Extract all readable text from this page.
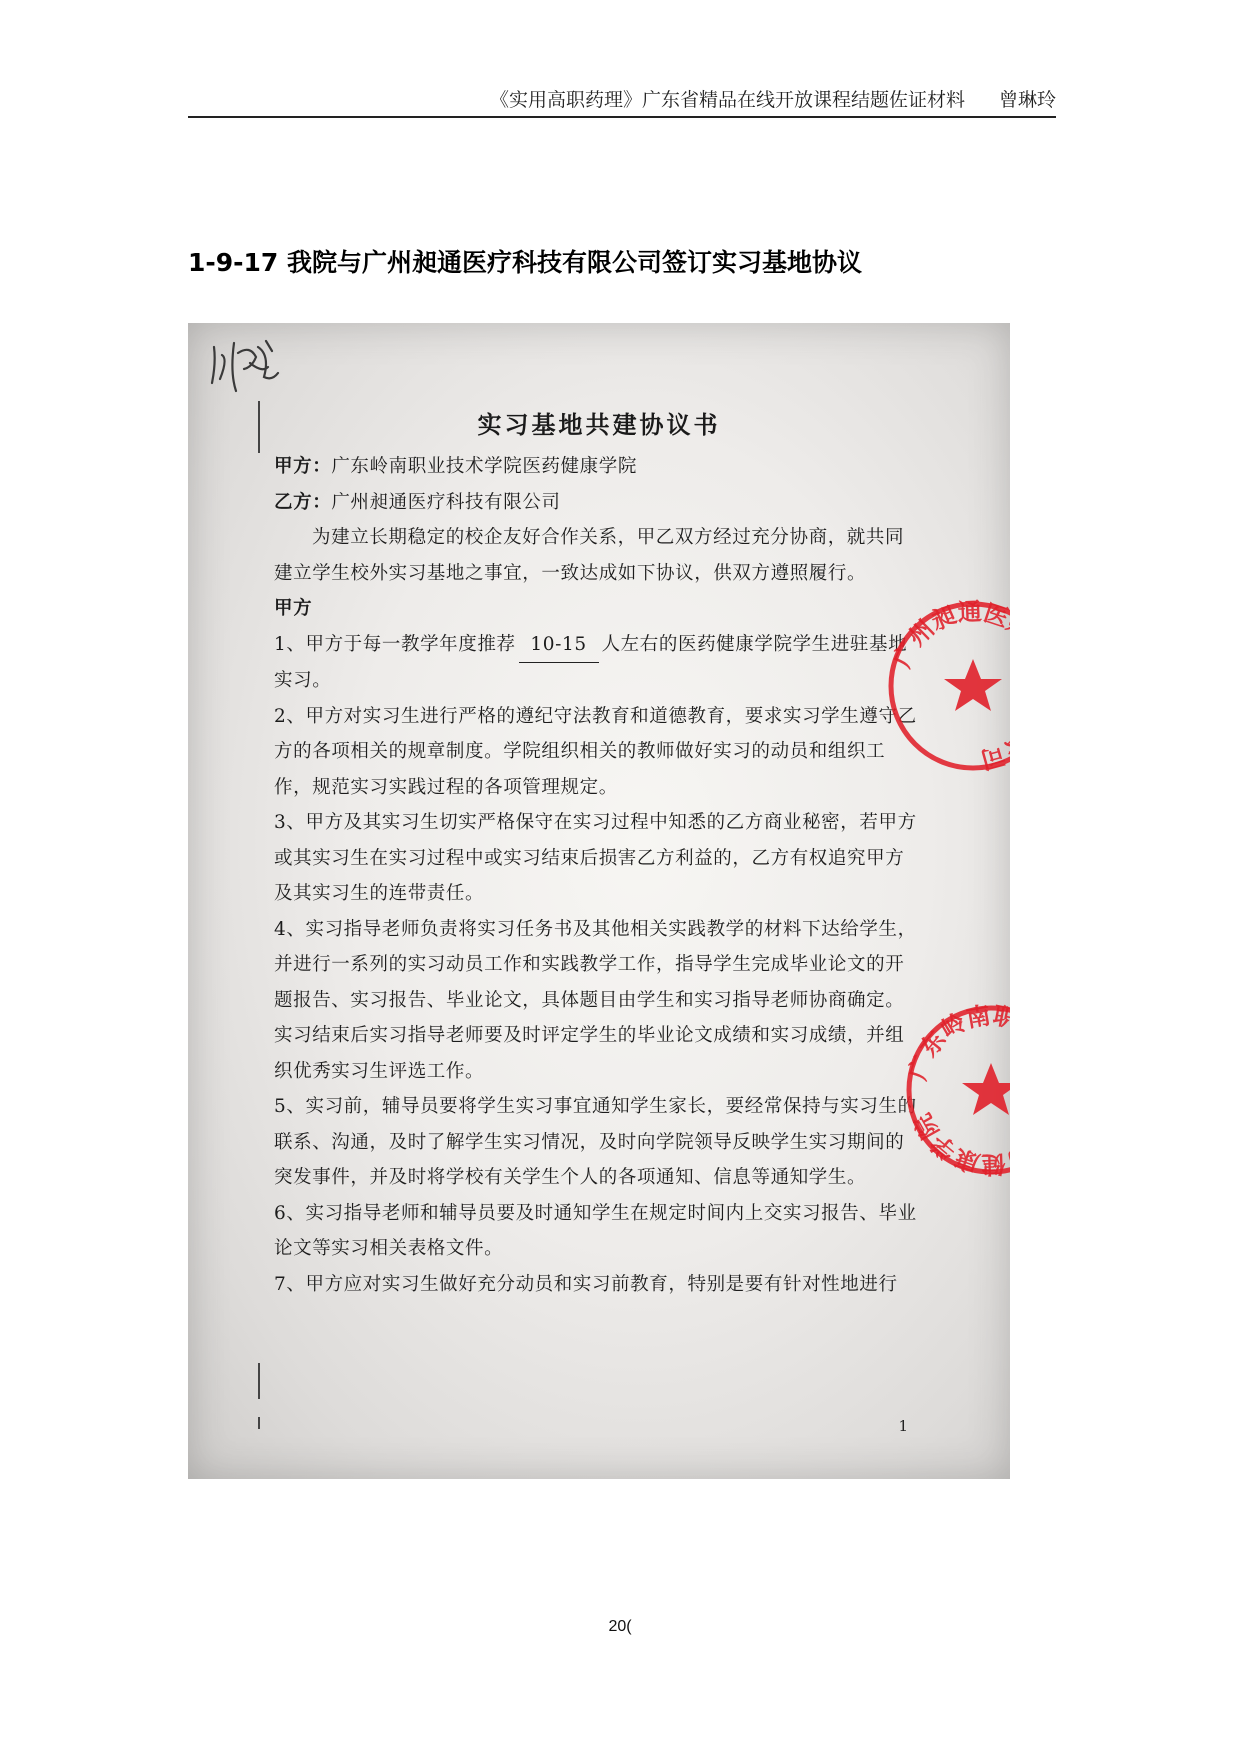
《实用高职药理》广东省精品在线开放课程结题佐证材料 曾琳玲
1-9-17 我院与广州昶通医疗科技有限公司签订实习基地协议
实习基地共建协议书

甲方：广东岭南职业技术学院医药健康学院

乙方：广州昶通医疗科技有限公司

为建立长期稳定的校企友好合作关系，甲乙双方经过充分协商，就共同建立学生校外实习基地之事宜，一致达成如下协议，供双方遵照履行。

甲方

1、甲方于每一教学年度推荐 10-15 人左右的医药健康学院学生进驻基地实习。

2、甲方对实习生进行严格的遵纪守法教育和道德教育，要求实习学生遵守乙方的各项相关的规章制度。学院组织相关的教师做好实习的动员和组织工作，规范实习实践过程的各项管理规定。

3、甲方及其实习生切实严格保守在实习过程中知悉的乙方商业秘密，若甲方或其实习生在实习过程中或实习结束后损害乙方利益的，乙方有权追究甲方及其实习生的连带责任。

4、实习指导老师负责将实习任务书及其他相关实践教学的材料下达给学生，并进行一系列的实习动员工作和实践教学工作，指导学生完成毕业论文的开题报告、实习报告、毕业论文，具体题目由学生和实习指导老师协商确定。实习结束后实习指导老师要及时评定学生的毕业论文成绩和实习成绩，并组织优秀实习生评选工作。

5、实习前，辅导员要将学生实习事宜通知学生家长，要经常保持与实习生的联系、沟通，及时了解学生实习情况，及时向学院领导反映学生实习期间的突发事件，并及时将学校有关学生个人的各项通知、信息等通知学生。

6、实习指导老师和辅导员要及时通知学生在规定时间内上交实习报告、毕业论文等实习相关表格文件。

7、甲方应对实习生做好充分动员和实习前教育，特别是要有针对性地进行

1
广州昶通医疗科技有限公司
广东岭南职业技术学院医药健康学院
20(
